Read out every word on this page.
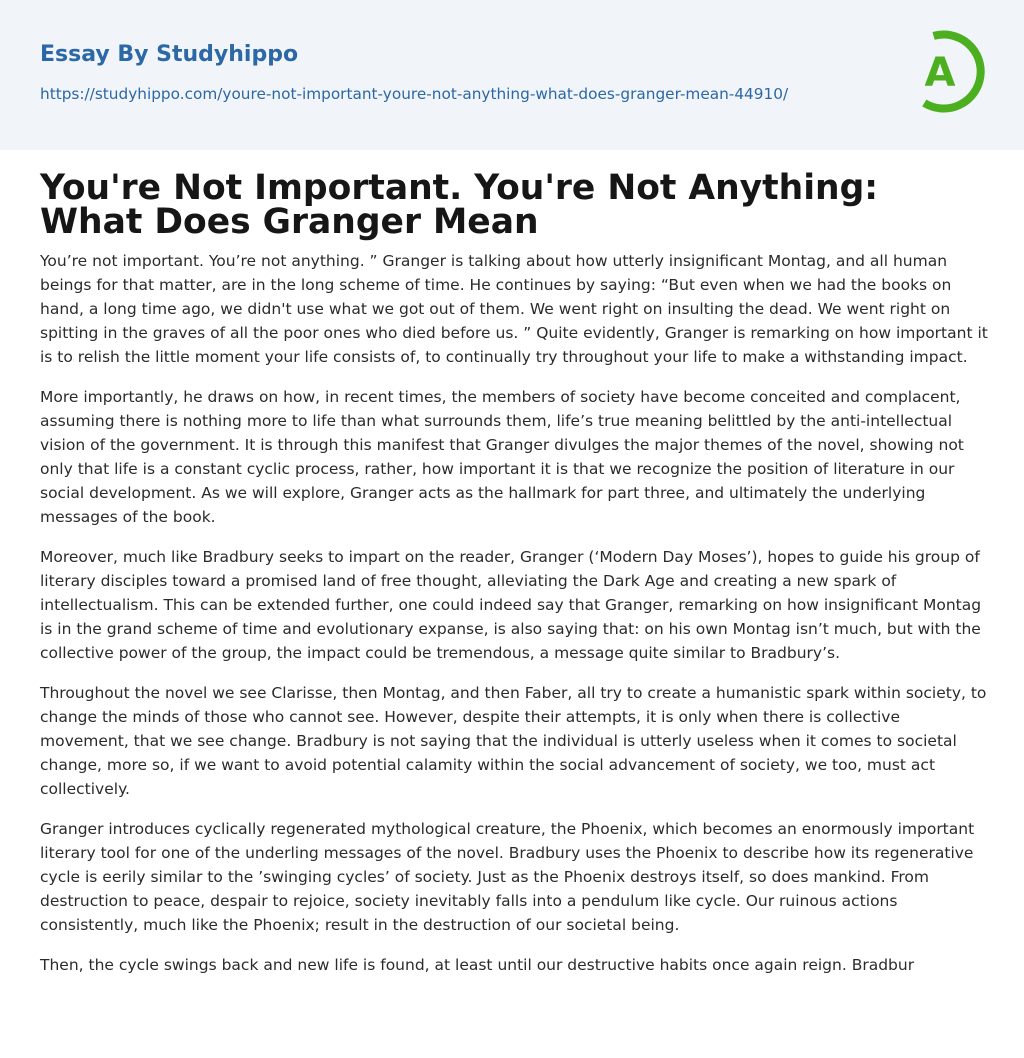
Essay By Studyhippo
https://studyhippo.com/youre-not-important-youre-not-anything-what-does-granger-mean-44910/	A
You're Not Important. You're Not Anything: What Does Granger Mean

You’re not important. You’re not anything. ” Granger is talking about how utterly insignificant Montag, and all human beings for that matter, are in the long scheme of time. He continues by saying: “But even when we had the books on hand, a long time ago, we didn't use what we got out of them. We went right on insulting the dead. We went right on spitting in the graves of all the poor ones who died before us. ” Quite evidently, Granger is remarking on how important it is to relish the little moment your life consists of, to continually try throughout your life to make a withstanding impact.

More importantly, he draws on how, in recent times, the members of society have become conceited and complacent, assuming there is nothing more to life than what surrounds them, life’s true meaning belittled by the anti-intellectual vision of the government. It is through this manifest that Granger divulges the major themes of the novel, showing not only that life is a constant cyclic process, rather, how important it is that we recognize the position of literature in our social development. As we will explore, Granger acts as the hallmark for part three, and ultimately the underlying messages of the book.

Moreover, much like Bradbury seeks to impart on the reader, Granger (‘Modern Day Moses’), hopes to guide his group of literary disciples toward a promised land of free thought, alleviating the Dark Age and creating a new spark of intellectualism. This can be extended further, one could indeed say that Granger, remarking on how insignificant Montag is in the grand scheme of time and evolutionary expanse, is also saying that: on his own Montag isn’t much, but with the collective power of the group, the impact could be tremendous, a message quite similar to Bradbury’s.

Throughout the novel we see Clarisse, then Montag, and then Faber, all try to create a humanistic spark within society, to change the minds of those who cannot see. However, despite their attempts, it is only when there is collective movement, that we see change. Bradbury is not saying that the individual is utterly useless when it comes to societal change, more so, if we want to avoid potential calamity within the social advancement of society, we too, must act collectively.

Granger introduces cyclically regenerated mythological creature, the Phoenix, which becomes an enormously important literary tool for one of the underling messages of the novel. Bradbury uses the Phoenix to describe how its regenerative cycle is eerily similar to the ’swinging cycles’ of society. Just as the Phoenix destroys itself, so does mankind. From destruction to peace, despair to rejoice, society inevitably falls into a pendulum like cycle. Our ruinous actions consistently, much like the Phoenix; result in the destruction of our societal being.

Then, the cycle swings back and new life is found, at least until our destructive habits once again reign. Bradbur
